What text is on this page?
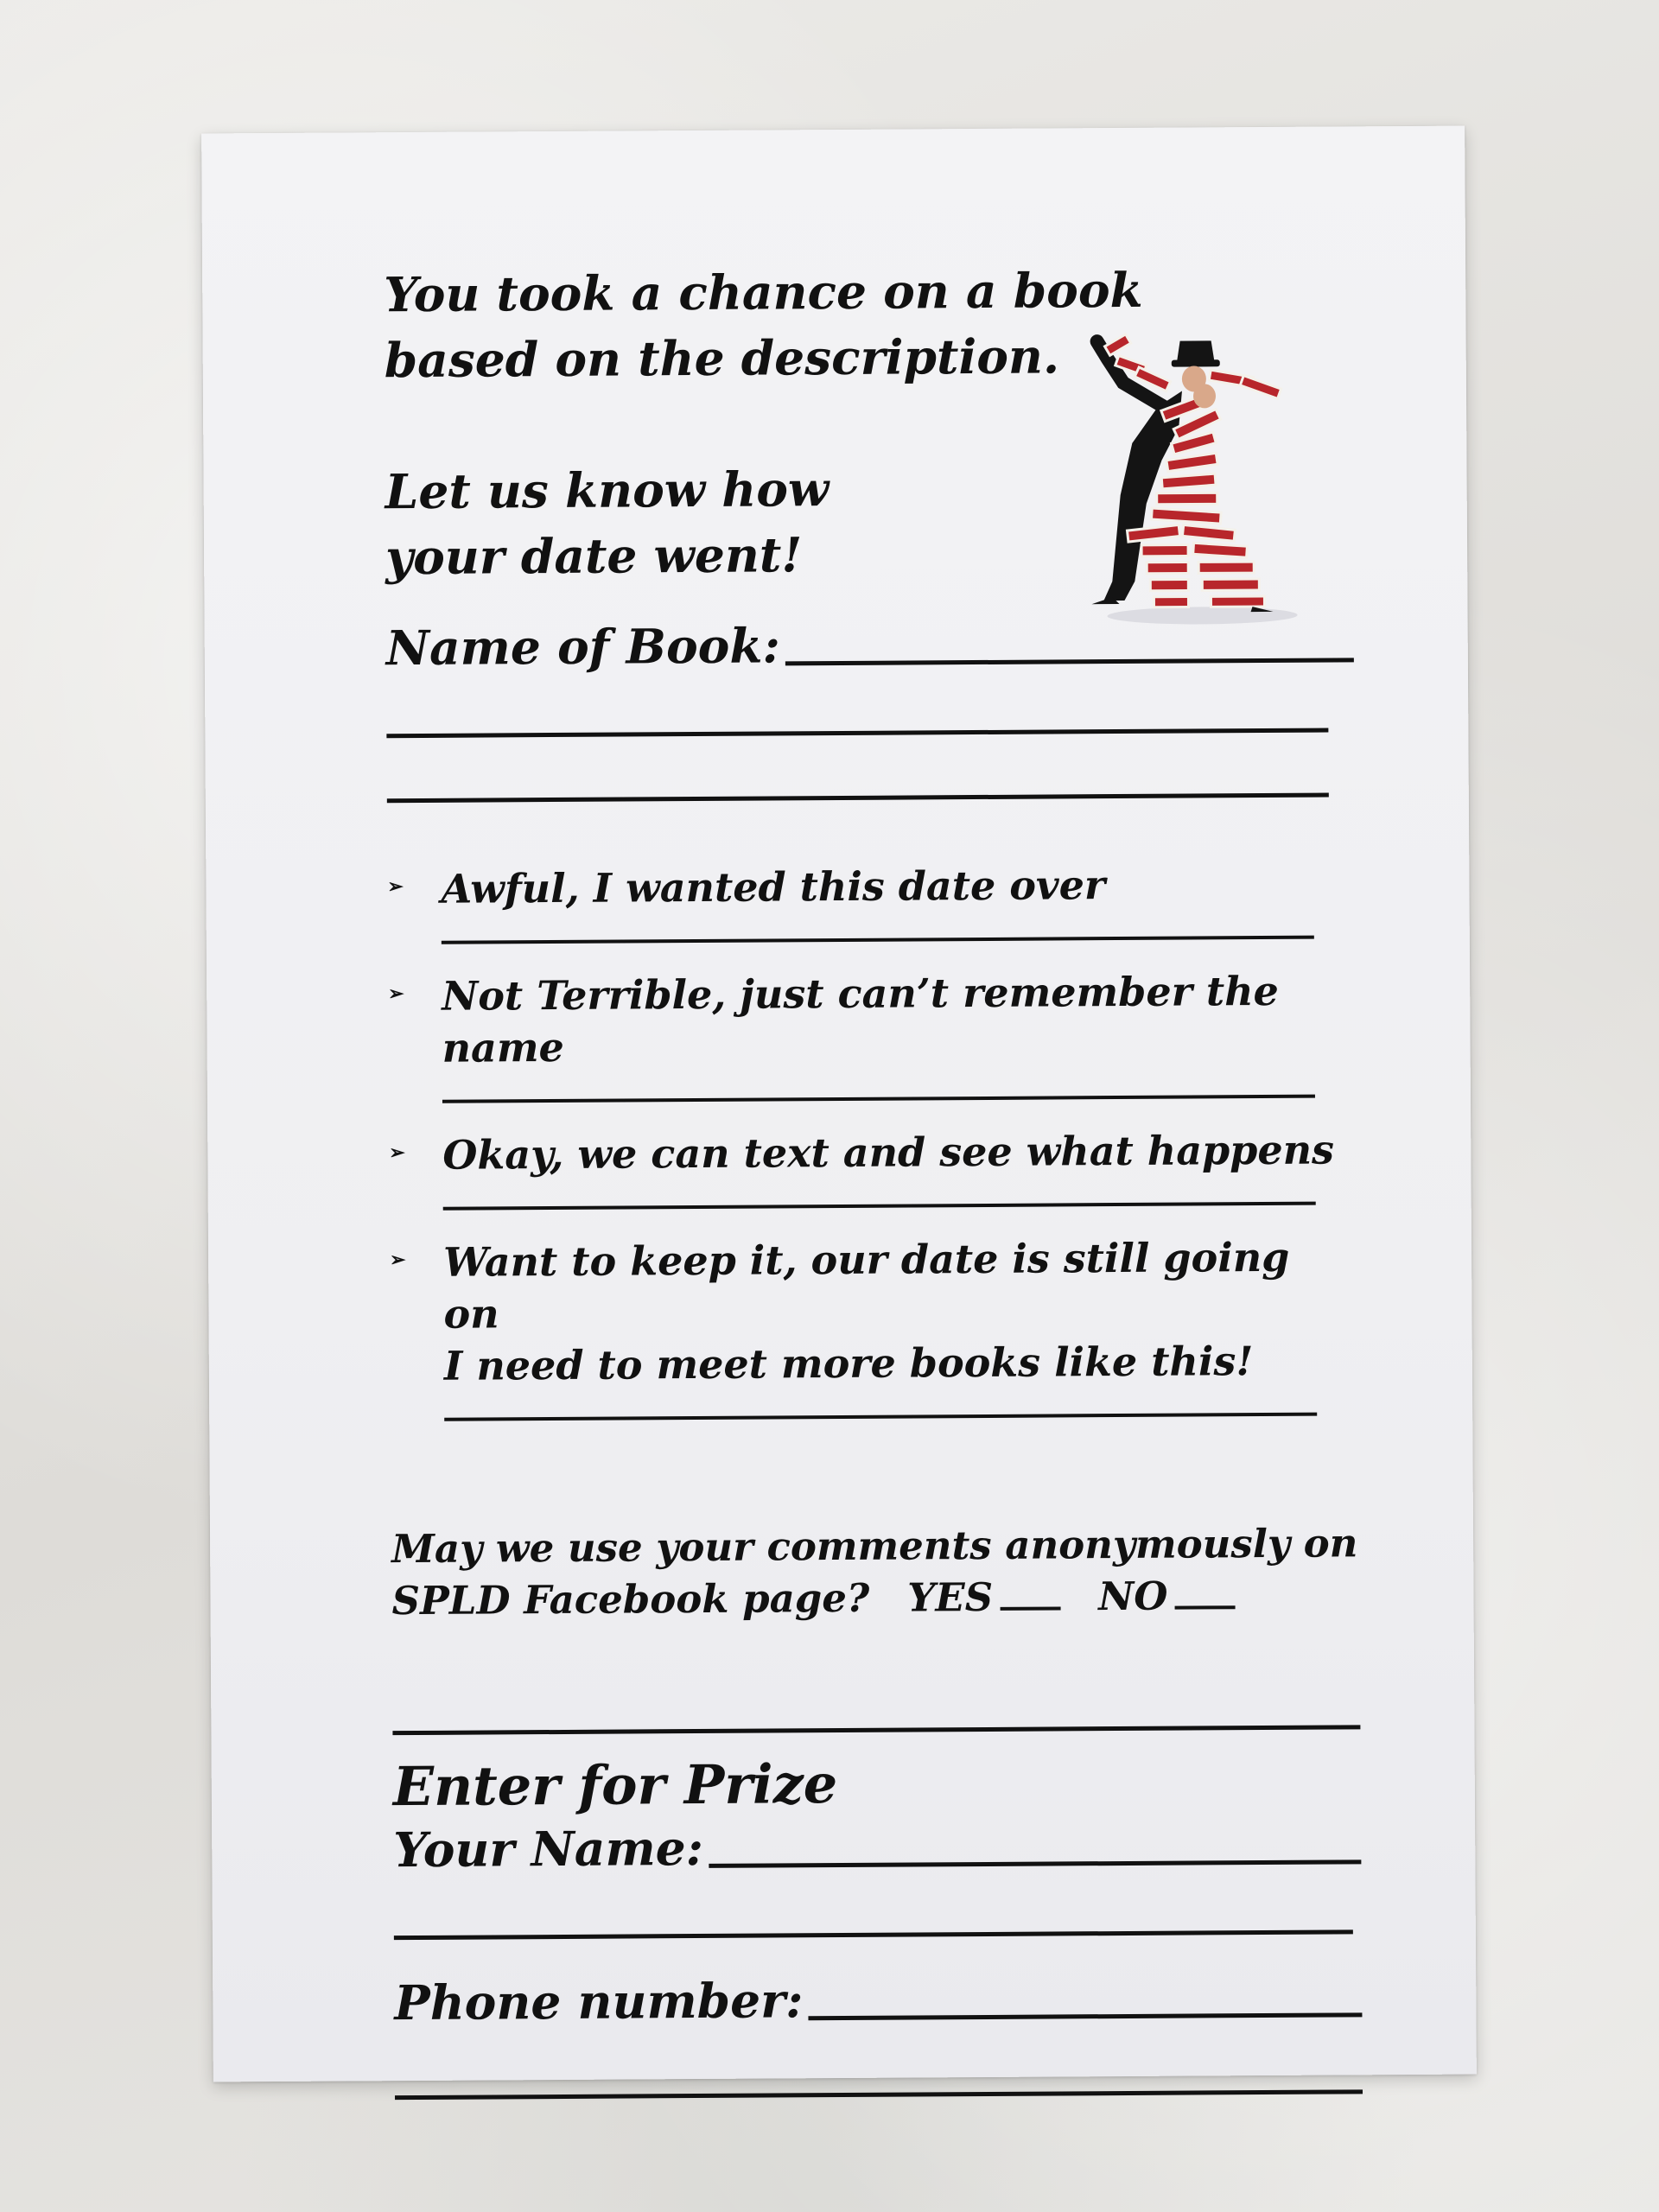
You took a chance on a book
based on the description.

Let us know how
your date went!

Name of Book:
➢ Awful, I wanted this date over
➢ Not Terrible, just can’t remember the name
➢ Okay, we can text and see what happens
➢ Want to keep it, our date is still going on
I need to meet more books like this!

May we use your comments anonymously on
SPLD Facebook page? YES	NO

Enter for Prize
Your Name:
Phone number:
